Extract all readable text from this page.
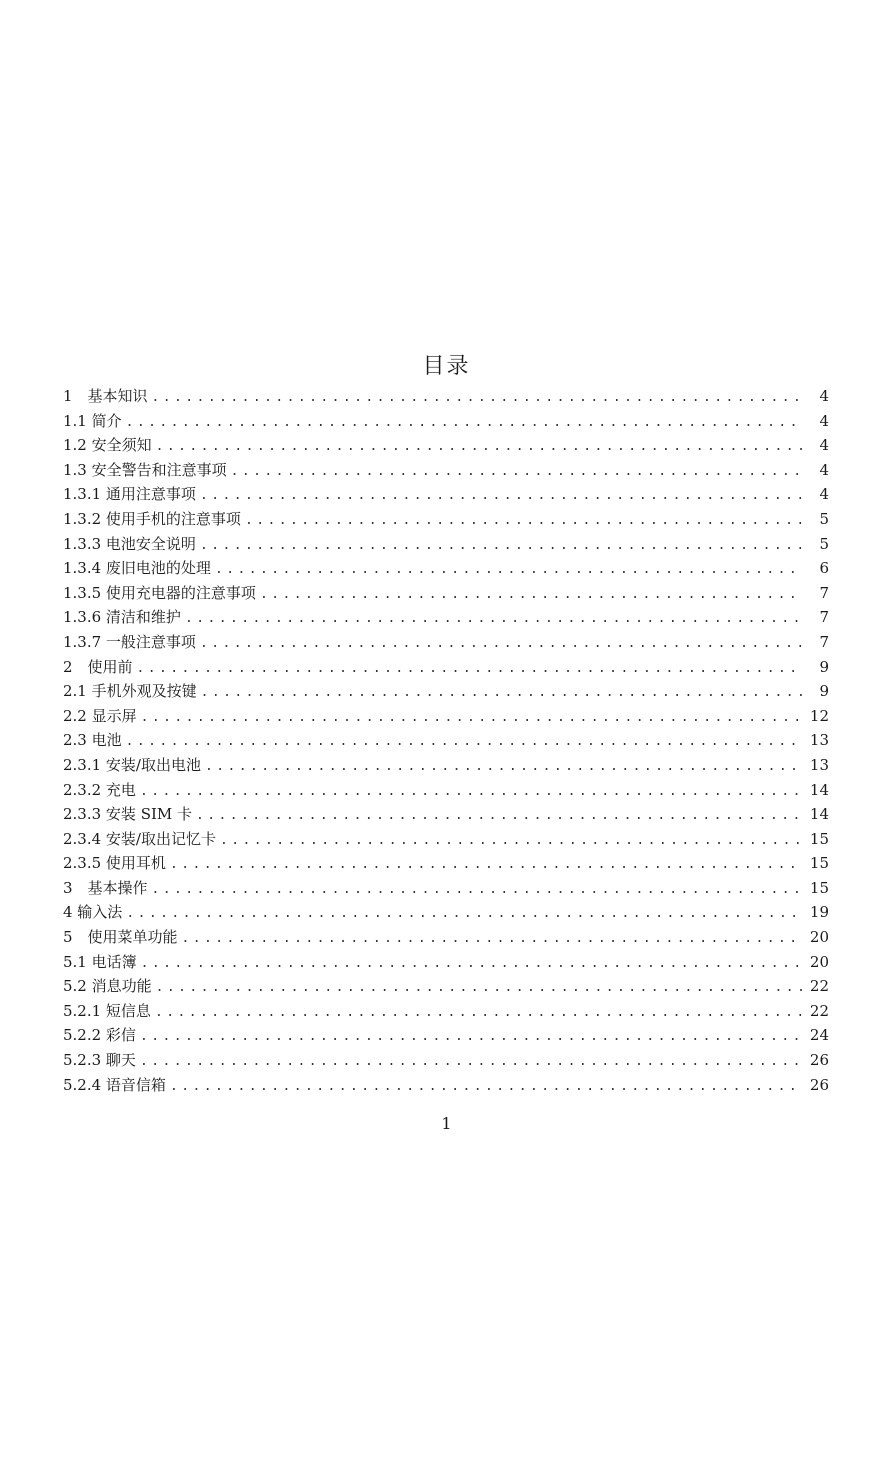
目录
1　基本知识 . . .	4
1.1 简介 . . .	4
1.2 安全须知 . . .	4
1.3 安全警告和注意事项 . . .	4
1.3.1 通用注意事项 . . .	4
1.3.2 使用手机的注意事项 . . .	5
1.3.3 电池安全说明 . . .	5
1.3.4 废旧电池的处理 . . .	6
1.3.5 使用充电器的注意事项 . . .	7
1.3.6 清洁和维护 . . .	7
1.3.7 一般注意事项 . . .	7
2　使用前 . . .	9
2.1 手机外观及按键 . . .	9
2.2 显示屏 . . .	12
2.3 电池 . . .	13
2.3.1 安装/取出电池 . . .	13
2.3.2 充电 . . .	14
2.3.3 安装 SIM 卡 . . .	14
2.3.4 安装/取出记忆卡 . . .	15
2.3.5 使用耳机 . . .	15
3　基本操作 . . .	15
4 输入法 . . .	19
5　使用菜单功能 . . .	20
5.1 电话簿 . . .	20
5.2 消息功能 . . .	22
5.2.1 短信息 . . .	22
5.2.2 彩信 . . .	24
5.2.3 聊天 . . .	26
5.2.4 语音信箱 . . .	26
1
